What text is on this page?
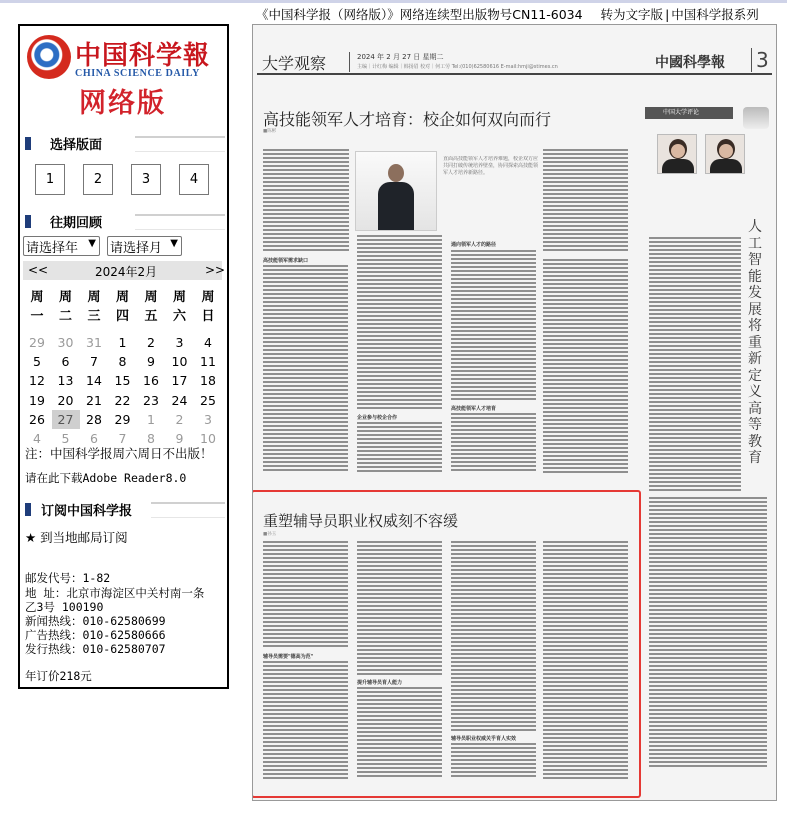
《中国科学报（网络版）》网络连续型出版物号CN11-6034 转为文字版 | 中国科学报系列
中国科学報
CHINA SCIENCE DAILY
网络版
选择版面
1	2	3	4
往期回顾
请选择年 ▼ 请选择月 ▼
<<	2024年2月	>>
周	周	周	周	周	周	周
一	二	三	四	五	六	日
29	30	31	1	2	3	4
5	6	7	8	9	10	11
12	13	14	15	16	17	18
19	20	21	22	23	24	25
26	27	28	29	1	2	3
4	5	6	7	8	9	10
注：中国科学报周六周日不出版！
请在此下载Adobe Reader8.0
订阅中国科学报
★ 到当地邮局订阅
邮发代号：1-82
地 址：北京市海淀区中关村南一条
乙3号 100190
新闻热线：010-62580699
广告热线：010-62580666
发行热线：010-62580707
年订价218元
大学观察	2024 年 2 月 27 日 星期二
主编｜计红梅 编辑｜韩扬眉 校对｜何工劳 Tel:(010)62580616 E-mail:hmji@stimes.cn	中國科學報 3
高技能领军人才培育：校企如何双向而行
■陈彬
直面高技能领军人才培养难题，校企双方应共同打破传统培养壁垒，协同探索高技能领军人才培养新路径。
高技能领军需求缺口
通向领军人才的路径
企业参与校企合作
高技能领军人才培育
重塑辅导员职业权威刻不容缓
■孙玉
辅导员需要"德高为范"
提升辅导员育人能力
辅导员职业权威关乎育人实效
中国大学评论
人工智能发展将重新定义高等教育
